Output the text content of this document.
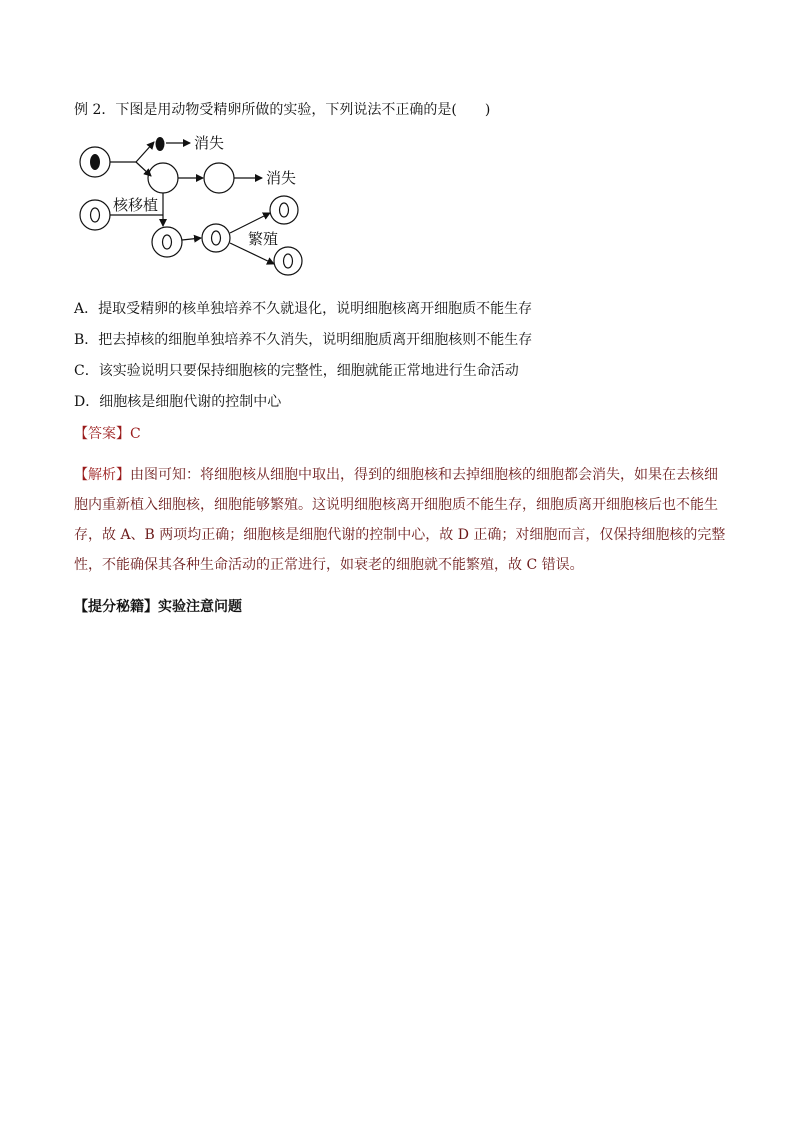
例 2．下图是用动物受精卵所做的实验，下列说法不正确的是(　　)
消失
消失
核移植
繁殖
A．提取受精卵的核单独培养不久就退化，说明细胞核离开细胞质不能生存
B．把去掉核的细胞单独培养不久消失，说明细胞质离开细胞核则不能生存
C．该实验说明只要保持细胞核的完整性，细胞就能正常地进行生命活动
D．细胞核是细胞代谢的控制中心
【答案】C
【解析】由图可知：将细胞核从细胞中取出，得到的细胞核和去掉细胞核的细胞都会消失，如果在去核细胞内重新植入细胞核，细胞能够繁殖。这说明细胞核离开细胞质不能生存，细胞质离开细胞核后也不能生存，故 A、B 两项均正确；细胞核是细胞代谢的控制中心，故 D 正确；对细胞而言，仅保持细胞核的完整性，不能确保其各种生命活动的正常进行，如衰老的细胞就不能繁殖，故 C 错误。
【提分秘籍】实验注意问题
